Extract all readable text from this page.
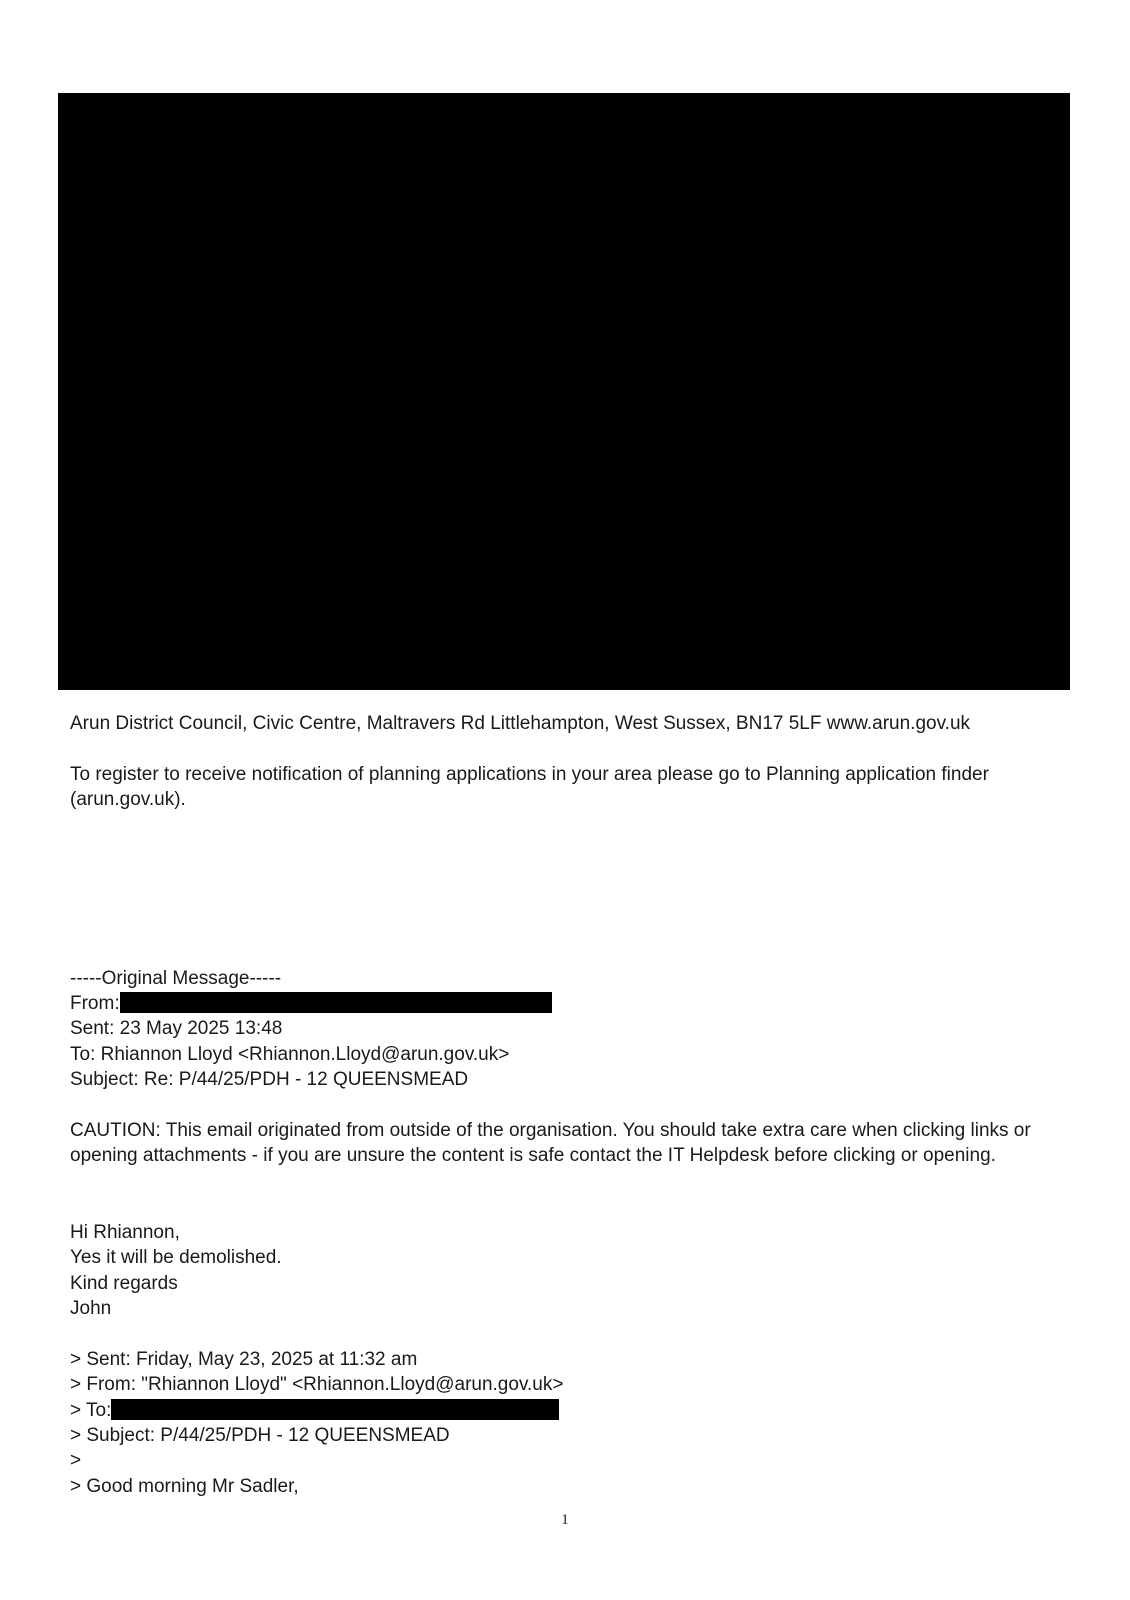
Arun District Council, Civic Centre, Maltravers Rd Littlehampton, West Sussex, BN17 5LF www.arun.gov.uk
To register to receive notification of planning applications in your area please go to Planning application finder
(arun.gov.uk).
-----Original Message-----
From:
Sent: 23 May 2025 13:48
To: Rhiannon Lloyd <Rhiannon.Lloyd@arun.gov.uk>
Subject: Re: P/44/25/PDH - 12 QUEENSMEAD
CAUTION: This email originated from outside of the organisation. You should take extra care when clicking links or
opening attachments - if you are unsure the content is safe contact the IT Helpdesk before clicking or opening.
Hi Rhiannon,
Yes it will be demolished.
Kind regards
John
> Sent: Friday, May 23, 2025 at 11:32 am
> From: "Rhiannon Lloyd" <Rhiannon.Lloyd@arun.gov.uk>
> To:
> Subject: P/44/25/PDH - 12 QUEENSMEAD
>
> Good morning Mr Sadler,
1
